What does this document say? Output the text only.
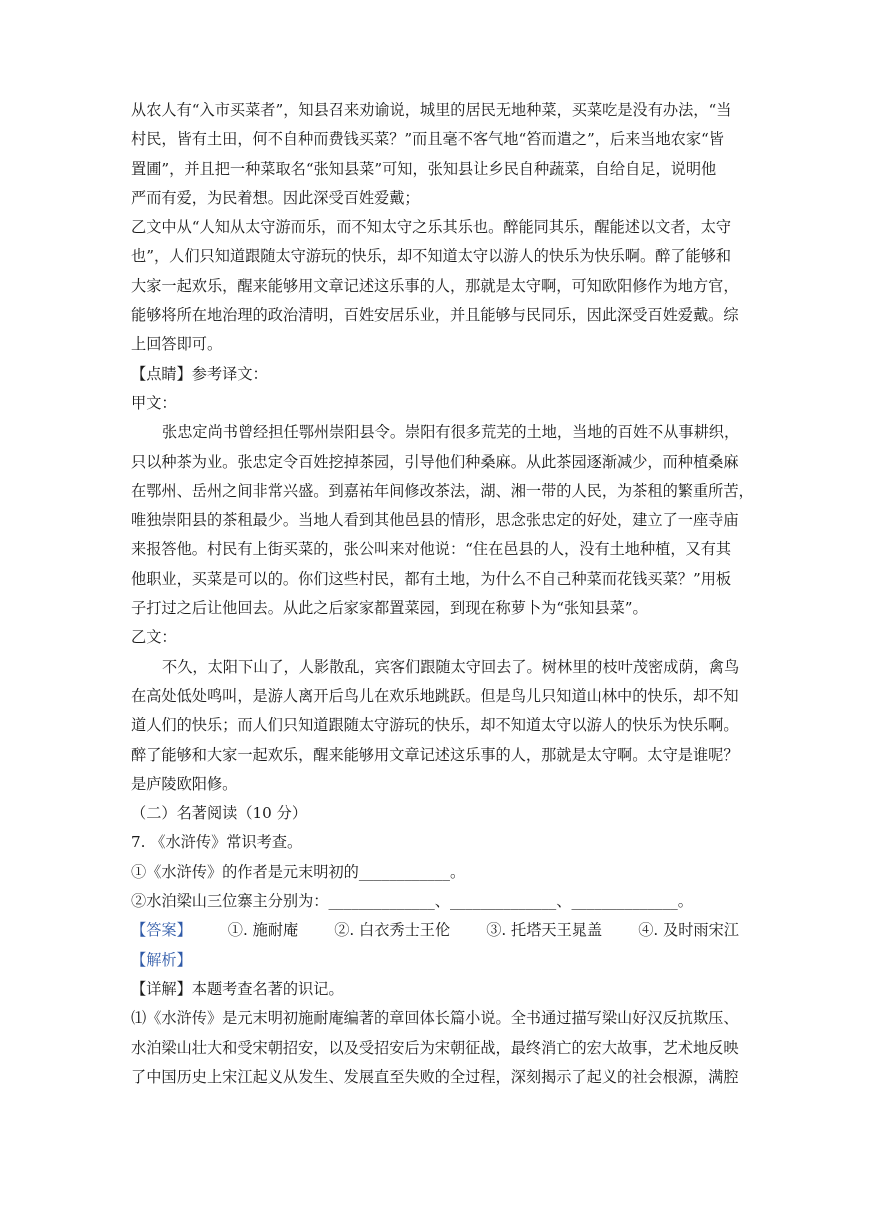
从农人有“入市买菜者”，知县召来劝谕说，城里的居民无地种菜，买菜吃是没有办法，“当
村民，皆有土田，何不自种而费钱买菜？”而且毫不客气地“笞而遣之”，后来当地农家“皆
置圃”，并且把一种菜取名“张知县菜”可知，张知县让乡民自种蔬菜，自给自足，说明他
严而有爱，为民着想。因此深受百姓爱戴；
乙文中从“人知从太守游而乐，而不知太守之乐其乐也。醉能同其乐，醒能述以文者，太守
也”，人们只知道跟随太守游玩的快乐，却不知道太守以游人的快乐为快乐啊。醉了能够和
大家一起欢乐，醒来能够用文章记述这乐事的人，那就是太守啊，可知欧阳修作为地方官，
能够将所在地治理的政治清明，百姓安居乐业，并且能够与民同乐，因此深受百姓爱戴。综
上回答即可。
【点睛】参考译文：
甲文：
张忠定尚书曾经担任鄂州崇阳县令。崇阳有很多荒芜的土地，当地的百姓不从事耕织，
只以种茶为业。张忠定令百姓挖掉茶园，引导他们种桑麻。从此茶园逐渐减少，而种植桑麻
在鄂州、岳州之间非常兴盛。到嘉祐年间修改茶法，湖、湘一带的人民，为茶租的繁重所苦，
唯独崇阳县的茶租最少。当地人看到其他邑县的情形，思念张忠定的好处，建立了一座寺庙
来报答他。村民有上街买菜的，张公叫来对他说：“住在邑县的人，没有土地种植，又有其
他职业，买菜是可以的。你们这些村民，都有土地，为什么不自己种菜而花钱买菜？”用板
子打过之后让他回去。从此之后家家都置菜园，到现在称萝卜为“张知县菜”。
乙文：
不久，太阳下山了，人影散乱，宾客们跟随太守回去了。树林里的枝叶茂密成荫，禽鸟
在高处低处鸣叫，是游人离开后鸟儿在欢乐地跳跃。但是鸟儿只知道山林中的快乐，却不知
道人们的快乐；而人们只知道跟随太守游玩的快乐，却不知道太守以游人的快乐为快乐啊。
醉了能够和大家一起欢乐，醒来能够用文章记述这乐事的人，那就是太守啊。太守是谁呢？
是庐陵欧阳修。
（二）名著阅读（10 分）
7. 《水浒传》常识考查。
①《水浒传》的作者是元末明初的____________。
②水泊梁山三位寨主分别为：______________、______________、______________。
【答案】 ①. 施耐庵 ②. 白衣秀士王伦 ③. 托塔天王晁盖 ④. 及时雨宋江
【解析】
【详解】本题考查名著的识记。
⑴《水浒传》是元末明初施耐庵编著的章回体长篇小说。全书通过描写梁山好汉反抗欺压、
水泊梁山壮大和受宋朝招安，以及受招安后为宋朝征战，最终消亡的宏大故事，艺术地反映
了中国历史上宋江起义从发生、发展直至失败的全过程，深刻揭示了起义的社会根源，满腔
